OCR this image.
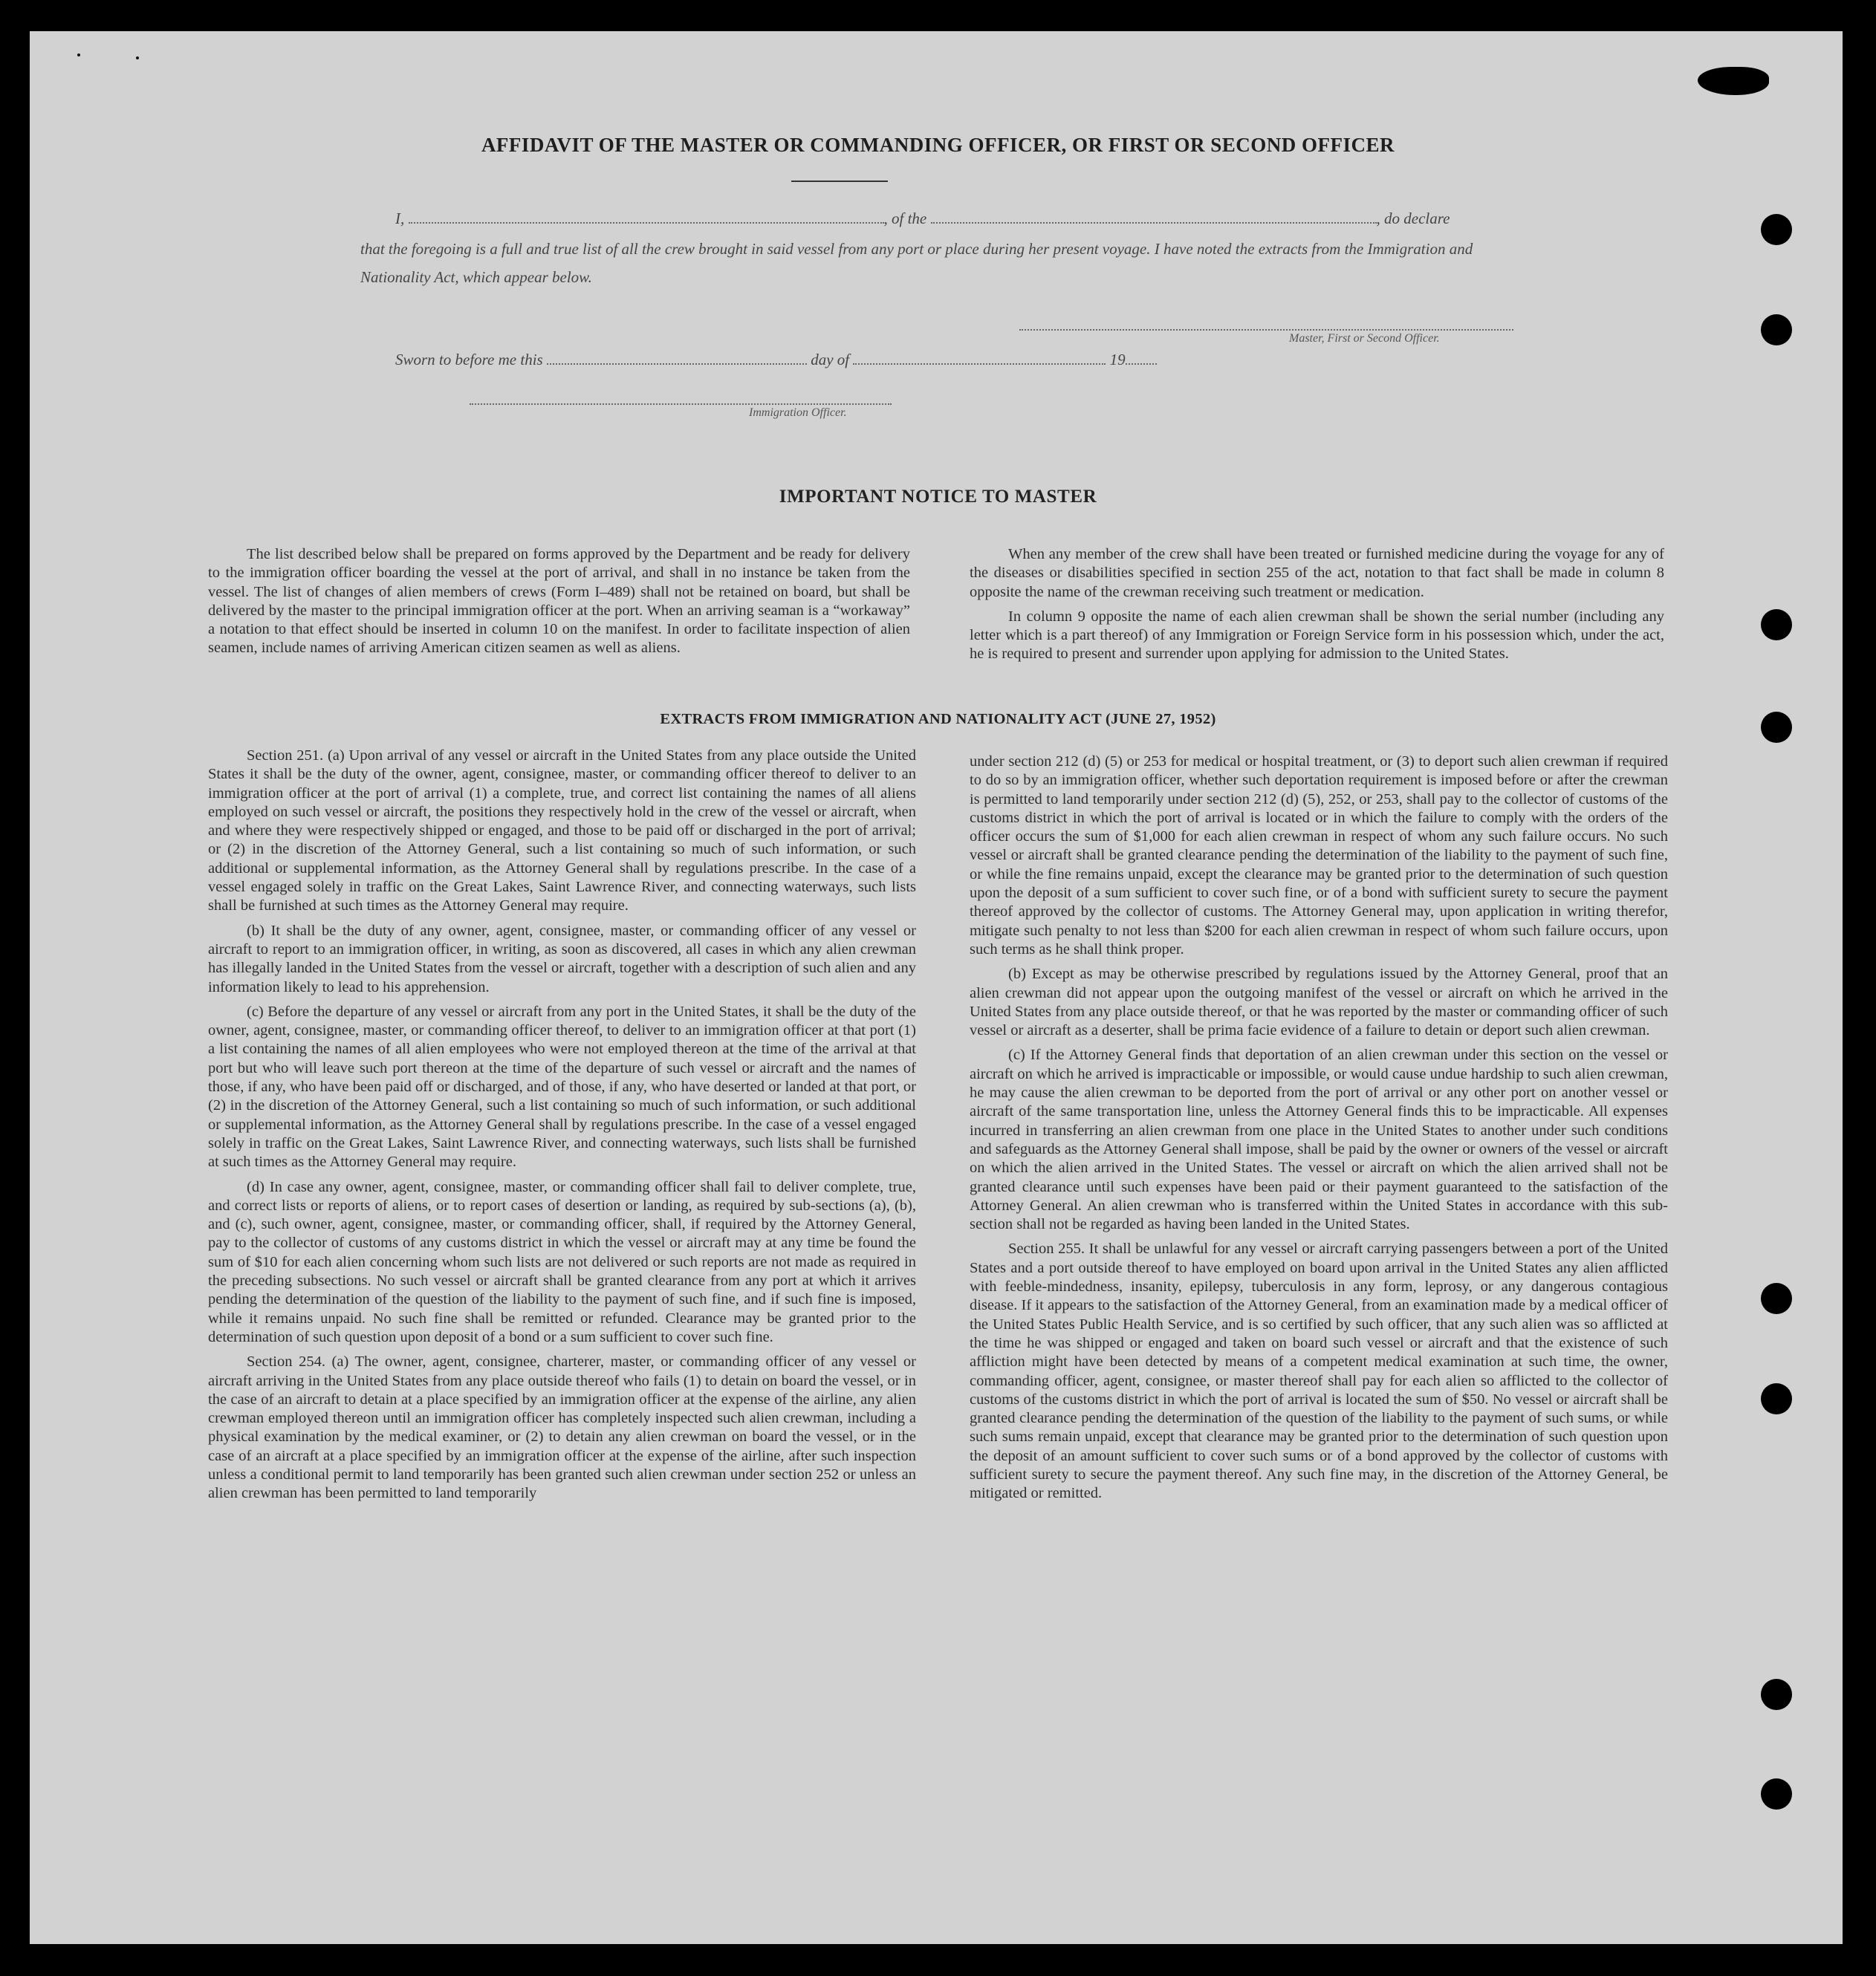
AFFIDAVIT OF THE MASTER OR COMMANDING OFFICER, OR FIRST OR SECOND OFFICER
I,	, of the	, do declare
that the foregoing is a full and true list of all the crew brought in said vessel from any port or place during her present voyage. I have noted the extracts from the Immigration and Nationality Act, which appear below.
Master, First or Second Officer.
Sworn to before me this	day of	19
Immigration Officer.
IMPORTANT NOTICE TO MASTER

The list described below shall be prepared on forms approved by the Department and be ready for delivery to the immigration officer boarding the vessel at the port of arrival, and shall in no instance be taken from the vessel. The list of changes of alien members of crews (Form I–489) shall not be retained on board, but shall be delivered by the master to the principal immigration officer at the port. When an arriving seaman is a “workaway” a notation to that effect should be inserted in column 10 on the manifest. In order to facilitate inspection of alien seamen, include names of arriving American citizen seamen as well as aliens.

When any member of the crew shall have been treated or furnished medicine during the voyage for any of the diseases or disabilities specified in section 255 of the act, notation to that fact shall be made in column 8 opposite the name of the crewman receiving such treatment or medication.

In column 9 opposite the name of each alien crewman shall be shown the serial number (including any letter which is a part thereof) of any Immigration or Foreign Service form in his possession which, under the act, he is required to present and surrender upon applying for admission to the United States.

EXTRACTS FROM IMMIGRATION AND NATIONALITY ACT (JUNE 27, 1952)

Section 251. (a) Upon arrival of any vessel or aircraft in the United States from any place outside the United States it shall be the duty of the owner, agent, consignee, master, or commanding officer thereof to deliver to an immigration officer at the port of arrival (1) a complete, true, and correct list containing the names of all aliens employed on such vessel or aircraft, the positions they respectively hold in the crew of the vessel or aircraft, when and where they were respectively shipped or engaged, and those to be paid off or discharged in the port of arrival; or (2) in the discretion of the Attorney General, such a list containing so much of such information, or such additional or supplemental information, as the Attorney General shall by regulations prescribe. In the case of a vessel engaged solely in traffic on the Great Lakes, Saint Lawrence River, and connecting waterways, such lists shall be furnished at such times as the Attorney General may require.

(b) It shall be the duty of any owner, agent, consignee, master, or commanding officer of any vessel or aircraft to report to an immigration officer, in writing, as soon as discovered, all cases in which any alien crewman has illegally landed in the United States from the vessel or aircraft, together with a description of such alien and any information likely to lead to his apprehension.

(c) Before the departure of any vessel or aircraft from any port in the United States, it shall be the duty of the owner, agent, consignee, master, or commanding officer thereof, to deliver to an immigration officer at that port (1) a list containing the names of all alien employees who were not employed thereon at the time of the arrival at that port but who will leave such port thereon at the time of the departure of such vessel or aircraft and the names of those, if any, who have been paid off or discharged, and of those, if any, who have deserted or landed at that port, or (2) in the discretion of the Attorney General, such a list containing so much of such information, or such additional or supplemental information, as the Attorney General shall by regulations prescribe. In the case of a vessel engaged solely in traffic on the Great Lakes, Saint Lawrence River, and connecting waterways, such lists shall be furnished at such times as the Attorney General may require.

(d) In case any owner, agent, consignee, master, or commanding officer shall fail to deliver complete, true, and correct lists or reports of aliens, or to report cases of desertion or landing, as required by sub-sections (a), (b), and (c), such owner, agent, consignee, master, or commanding officer, shall, if required by the Attorney General, pay to the collector of customs of any customs district in which the vessel or aircraft may at any time be found the sum of $10 for each alien concerning whom such lists are not delivered or such reports are not made as required in the preceding subsections. No such vessel or aircraft shall be granted clearance from any port at which it arrives pending the determination of the question of the liability to the payment of such fine, and if such fine is imposed, while it remains unpaid. No such fine shall be remitted or refunded. Clearance may be granted prior to the determination of such question upon deposit of a bond or a sum sufficient to cover such fine.

Section 254. (a) The owner, agent, consignee, charterer, master, or commanding officer of any vessel or aircraft arriving in the United States from any place outside thereof who fails (1) to detain on board the vessel, or in the case of an aircraft to detain at a place specified by an immigration officer at the expense of the airline, any alien crewman employed thereon until an immigration officer has completely inspected such alien crewman, including a physical examination by the medical examiner, or (2) to detain any alien crewman on board the vessel, or in the case of an aircraft at a place specified by an immigration officer at the expense of the airline, after such inspection unless a conditional permit to land temporarily has been granted such alien crewman under section 252 or unless an alien crewman has been permitted to land temporarily

under section 212 (d) (5) or 253 for medical or hospital treatment, or (3) to deport such alien crewman if required to do so by an immigration officer, whether such deportation requirement is imposed before or after the crewman is permitted to land temporarily under section 212 (d) (5), 252, or 253, shall pay to the collector of customs of the customs district in which the port of arrival is located or in which the failure to comply with the orders of the officer occurs the sum of $1,000 for each alien crewman in respect of whom any such failure occurs. No such vessel or aircraft shall be granted clearance pending the determination of the liability to the payment of such fine, or while the fine remains unpaid, except the clearance may be granted prior to the determination of such question upon the deposit of a sum sufficient to cover such fine, or of a bond with sufficient surety to secure the payment thereof approved by the collector of customs. The Attorney General may, upon application in writing therefor, mitigate such penalty to not less than $200 for each alien crewman in respect of whom such failure occurs, upon such terms as he shall think proper.

(b) Except as may be otherwise prescribed by regulations issued by the Attorney General, proof that an alien crewman did not appear upon the outgoing manifest of the vessel or aircraft on which he arrived in the United States from any place outside thereof, or that he was reported by the master or commanding officer of such vessel or aircraft as a deserter, shall be prima facie evidence of a failure to detain or deport such alien crewman.

(c) If the Attorney General finds that deportation of an alien crewman under this section on the vessel or aircraft on which he arrived is impracticable or impossible, or would cause undue hardship to such alien crewman, he may cause the alien crewman to be deported from the port of arrival or any other port on another vessel or aircraft of the same transportation line, unless the Attorney General finds this to be impracticable. All expenses incurred in transferring an alien crewman from one place in the United States to another under such conditions and safeguards as the Attorney General shall impose, shall be paid by the owner or owners of the vessel or aircraft on which the alien arrived in the United States. The vessel or aircraft on which the alien arrived shall not be granted clearance until such expenses have been paid or their payment guaranteed to the satisfaction of the Attorney General. An alien crewman who is transferred within the United States in accordance with this sub-section shall not be regarded as having been landed in the United States.

Section 255. It shall be unlawful for any vessel or aircraft carrying passengers between a port of the United States and a port outside thereof to have employed on board upon arrival in the United States any alien afflicted with feeble-mindedness, insanity, epilepsy, tuberculosis in any form, leprosy, or any dangerous contagious disease. If it appears to the satisfaction of the Attorney General, from an examination made by a medical officer of the United States Public Health Service, and is so certified by such officer, that any such alien was so afflicted at the time he was shipped or engaged and taken on board such vessel or aircraft and that the existence of such affliction might have been detected by means of a competent medical examination at such time, the owner, commanding officer, agent, consignee, or master thereof shall pay for each alien so afflicted to the collector of customs of the customs district in which the port of arrival is located the sum of $50. No vessel or aircraft shall be granted clearance pending the determination of the question of the liability to the payment of such sums, or while such sums remain unpaid, except that clearance may be granted prior to the determination of such question upon the deposit of an amount sufficient to cover such sums or of a bond approved by the collector of customs with sufficient surety to secure the payment thereof. Any such fine may, in the discretion of the Attorney General, be mitigated or remitted.
